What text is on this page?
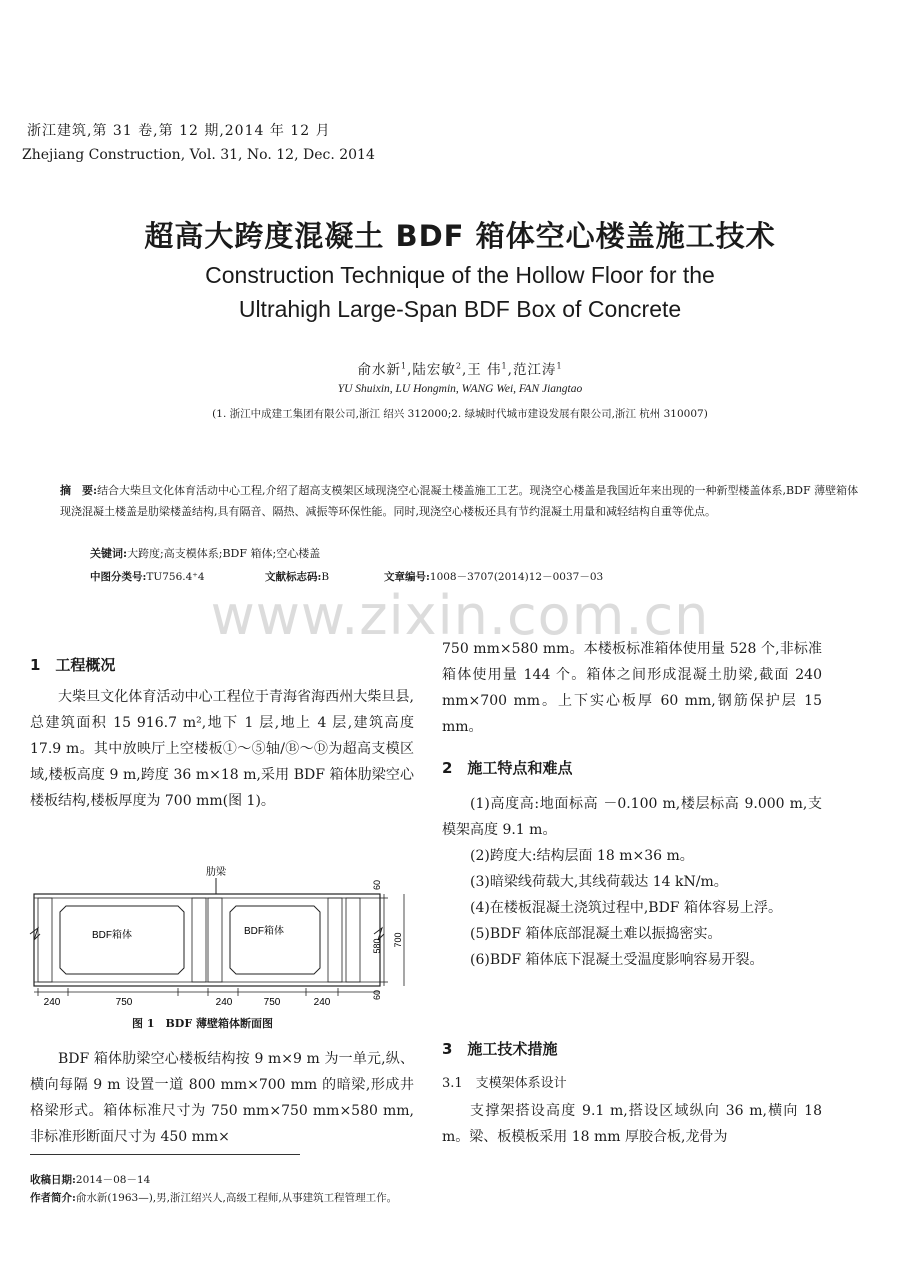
浙江建筑,第 31 卷,第 12 期,2014 年 12 月
Zhejiang Construction, Vol. 31, No. 12, Dec. 2014
超高大跨度混凝土 BDF 箱体空心楼盖施工技术
Construction Technique of the Hollow Floor for the
Ultrahigh Large-Span BDF Box of Concrete
俞水新$^1$,陆宏敏$^2$,王 伟$^1$,范江涛$^1$
YU Shuixin, LU Hongmin, WANG Wei, FAN Jiangtao
(1. 浙江中成建工集团有限公司,浙江 绍兴 312000;2. 绿城时代城市建设发展有限公司,浙江 杭州 310007)
摘　要:结合大柴旦文化体育活动中心工程,介绍了超高支模架区域现浇空心混凝土楼盖施工工艺。现浇空心楼盖是我国近年来出现的一种新型楼盖体系,BDF 薄壁箱体现浇混凝土楼盖是肋梁楼盖结构,具有隔音、隔热、减振等环保性能。同时,现浇空心楼板还具有节约混凝土用量和减轻结构自重等优点。
关键词:大跨度;高支模体系;BDF 箱体;空心楼盖
中图分类号:TU756.4⁺4	文献标志码:B	文章编号:1008－3707(2014)12－0037－03
www.zixin.com.cn
1　工程概况

大柴旦文化体育活动中心工程位于青海省海西州大柴旦县,总建筑面积 15 916.7 m²,地下 1 层,地上 4 层,建筑高度 17.9 m。其中放映厅上空楼板①～⑤轴/Ⓑ～Ⓓ为超高支模区域,楼板高度 9 m,跨度 36 m×18 m,采用 BDF 箱体肋梁空心楼板结构,楼板厚度为 700 mm(图 1)。

肋梁
BDF箱体	BDF箱体
60
580 700
60
240	750	240	750	240
图 1　BDF 薄壁箱体断面图

BDF 箱体肋梁空心楼板结构按 9 m×9 m 为一单元,纵、横向每隔 9 m 设置一道 800 mm×700 mm 的暗梁,形成井格梁形式。箱体标准尺寸为 750 mm×750 mm×580 mm,非标准形断面尺寸为 450 mm×

750 mm×580 mm。本楼板标准箱体使用量 528 个,非标准箱体使用量 144 个。箱体之间形成混凝土肋梁,截面 240 mm×700 mm。上下实心板厚 60 mm,钢筋保护层 15 mm。

2　施工特点和难点

(1)高度高:地面标高 －0.100 m,楼层标高 9.000 m,支模架高度 9.1 m。

(2)跨度大:结构层面 18 m×36 m。

(3)暗梁线荷载大,其线荷载达 14 kN/m。

(4)在楼板混凝土浇筑过程中,BDF 箱体容易上浮。

(5)BDF 箱体底部混凝土难以振捣密实。

(6)BDF 箱体底下混凝土受温度影响容易开裂。

3　施工技术措施
3.1　支模架体系设计

支撑架搭设高度 9.1 m,搭设区域纵向 36 m,横向 18 m。梁、板模板采用 18 mm 厚胶合板,龙骨为

收稿日期:2014－08－14
作者简介:俞水新(1963—),男,浙江绍兴人,高级工程师,从事建筑工程管理工作。
